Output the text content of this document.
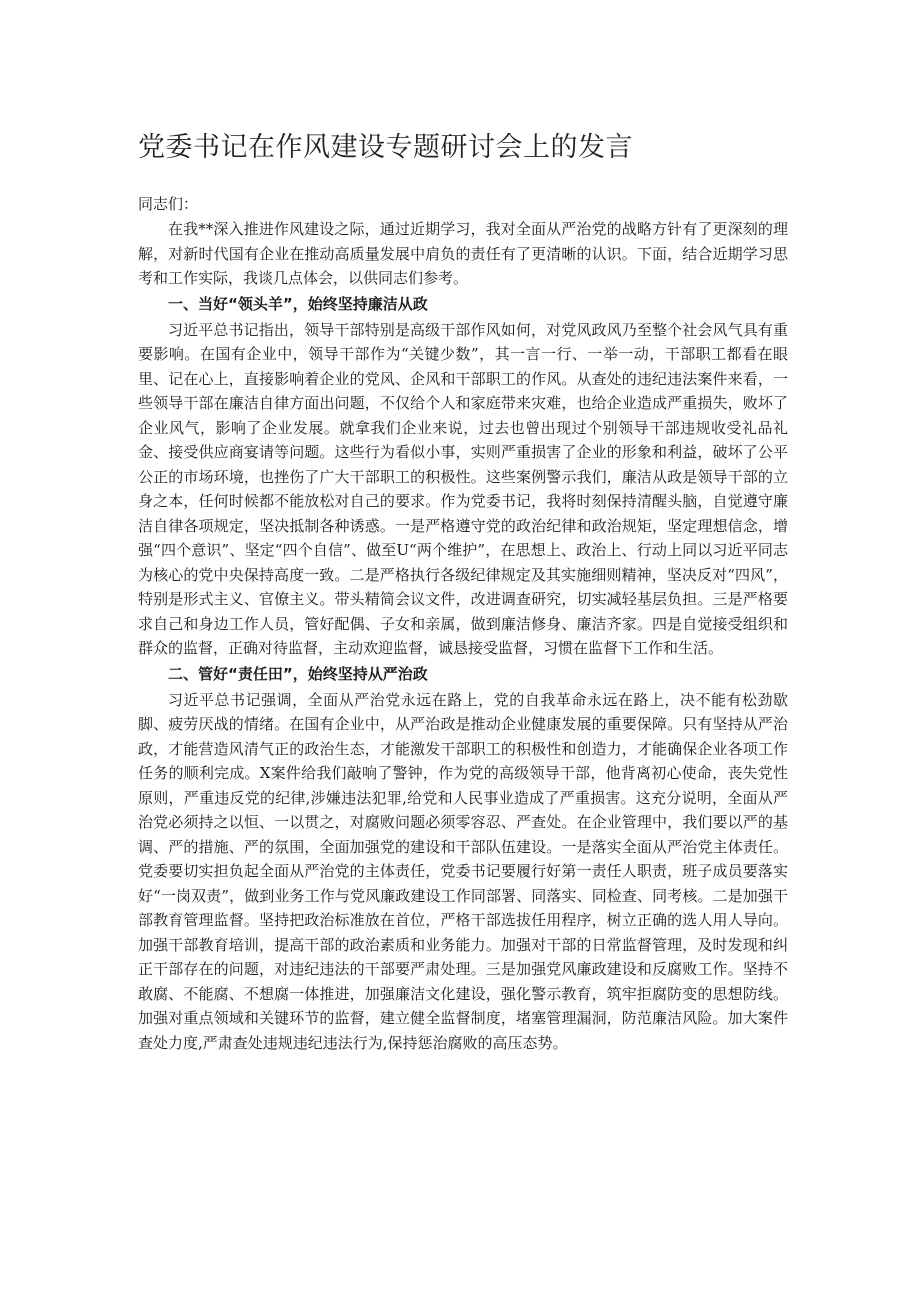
党委书记在作风建设专题研讨会上的发言

同志们：

在我**深入推进作风建设之际，通过近期学习，我对全面从严治党的战略方针有了更深刻的理解，对新时代国有企业在推动高质量发展中肩负的责任有了更清晰的认识。下面，结合近期学习思考和工作实际，我谈几点体会，以供同志们参考。

一、当好“领头羊”，始终坚持廉洁从政

习近平总书记指出，领导干部特别是高级干部作风如何，对党风政风乃至整个社会风气具有重要影响。在国有企业中，领导干部作为“关键少数”，其一言一行、一举一动，干部职工都看在眼里、记在心上，直接影响着企业的党风、企风和干部职工的作风。从查处的违纪违法案件来看，一些领导干部在廉洁自律方面出问题，不仅给个人和家庭带来灾难，也给企业造成严重损失，败坏了企业风气，影响了企业发展。就拿我们企业来说，过去也曾出现过个别领导干部违规收受礼品礼金、接受供应商宴请等问题。这些行为看似小事，实则严重损害了企业的形象和利益，破坏了公平公正的市场环境，也挫伤了广大干部职工的积极性。这些案例警示我们，廉洁从政是领导干部的立身之本，任何时候都不能放松对自己的要求。作为党委书记，我将时刻保持清醒头脑，自觉遵守廉洁自律各项规定，坚决抵制各种诱惑。一是严格遵守党的政治纪律和政治规矩，坚定理想信念，增强“四个意识”、坚定“四个自信”、做至U“两个维护”，在思想上、政治上、行动上同以习近平同志为核心的党中央保持高度一致。二是严格执行各级纪律规定及其实施细则精神，坚决反对“四风”，特别是形式主义、官僚主义。带头精简会议文件，改进调查研究，切实减轻基层负担。三是严格要求自己和身边工作人员，管好配偶、子女和亲属，做到廉洁修身、廉洁齐家。四是自觉接受组织和群众的监督，正确对待监督，主动欢迎监督，诚恳接受监督，习惯在监督下工作和生活。

二、管好“责任田”，始终坚持从严治政

习近平总书记强调，全面从严治党永远在路上，党的自我革命永远在路上，决不能有松劲歇脚、疲劳厌战的情绪。在国有企业中，从严治政是推动企业健康发展的重要保障。只有坚持从严治政，才能营造风清气正的政治生态，才能激发干部职工的积极性和创造力，才能确保企业各项工作任务的顺利完成。X案件给我们敲响了警钟，作为党的高级领导干部，他背离初心使命，丧失党性原则，严重违反党的纪律,涉嫌违法犯罪,给党和人民事业造成了严重损害。这充分说明，全面从严治党必须持之以恒、一以贯之，对腐败问题必须零容忍、严查处。在企业管理中，我们要以严的基调、严的措施、严的氛围，全面加强党的建设和干部队伍建设。一是落实全面从严治党主体责任。党委要切实担负起全面从严治党的主体责任，党委书记要履行好第一责任人职责，班子成员要落实好“一岗双责”，做到业务工作与党风廉政建设工作同部署、同落实、同检查、同考核。二是加强干部教育管理监督。坚持把政治标准放在首位，严格干部选拔任用程序，树立正确的选人用人导向。加强干部教育培训，提高干部的政治素质和业务能力。加强对干部的日常监督管理，及时发现和纠正干部存在的问题，对违纪违法的干部要严肃处理。三是加强党风廉政建设和反腐败工作。坚持不敢腐、不能腐、不想腐一体推进，加强廉洁文化建设，强化警示教育，筑牢拒腐防变的思想防线。加强对重点领域和关键环节的监督，建立健全监督制度，堵塞管理漏洞，防范廉洁风险。加大案件查处力度,严肃查处违规违纪违法行为,保持惩治腐败的高压态势。
